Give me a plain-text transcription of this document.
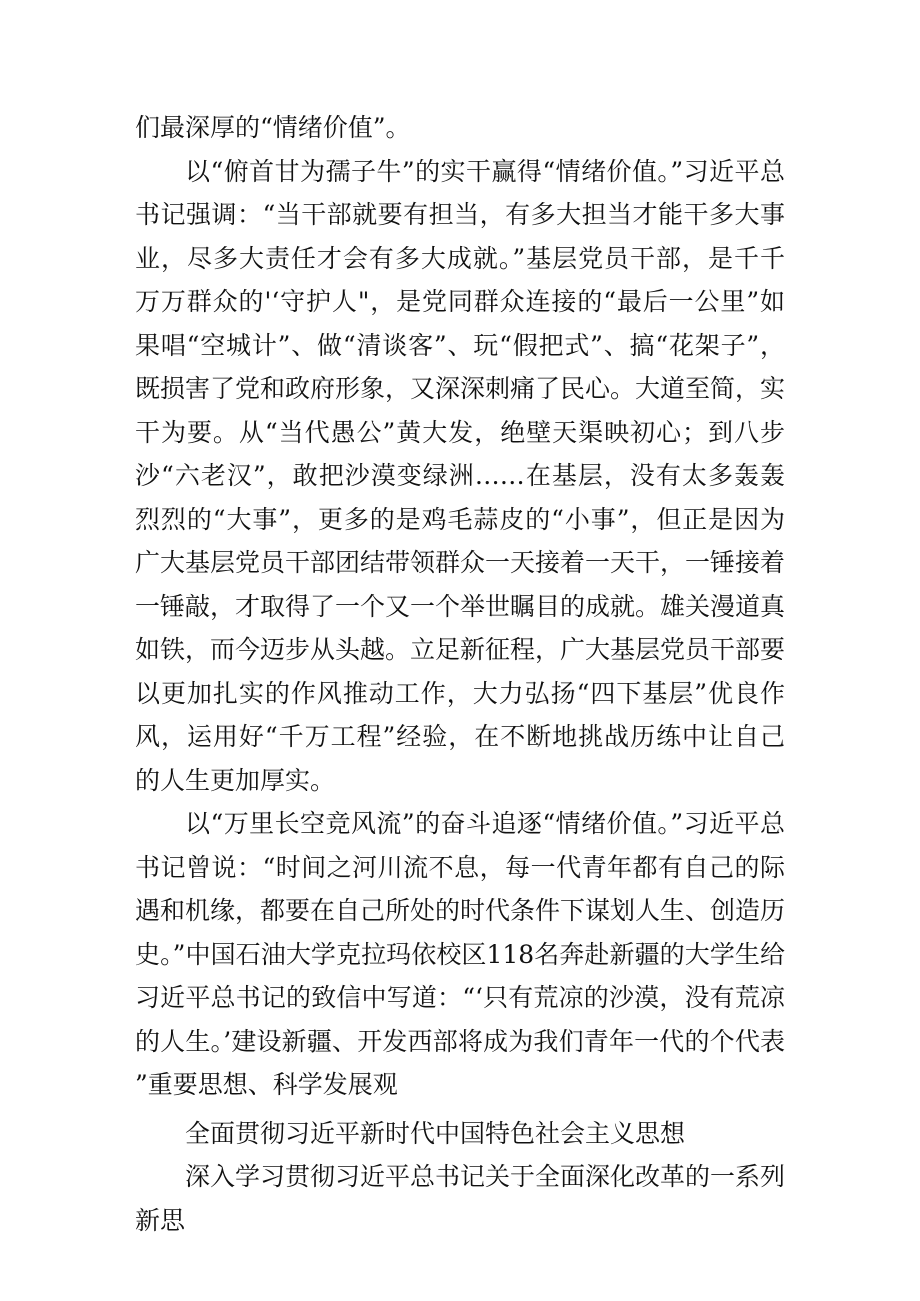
们最深厚的“情绪价值”。

以“俯首甘为孺子牛”的实干赢得“情绪价值。”习近平总书记强调：“当干部就要有担当，有多大担当才能干多大事业，尽多大责任才会有多大成就。”基层党员干部，是千千万万群众的'‘守护人"，是党同群众连接的“最后一公里”如果唱“空城计”、做“清谈客”、玩“假把式”、搞“花架子”，既损害了党和政府形象，又深深刺痛了民心。大道至简，实干为要。从“当代愚公”黄大发，绝壁天渠映初心；到八步沙“六老汉”，敢把沙漠变绿洲……在基层，没有太多轰轰烈烈的“大事”，更多的是鸡毛蒜皮的“小事”，但正是因为广大基层党员干部团结带领群众一天接着一天干，一锤接着一锤敲，才取得了一个又一个举世瞩目的成就。雄关漫道真如铁，而今迈步从头越。立足新征程，广大基层党员干部要以更加扎实的作风推动工作，大力弘扬“四下基层”优良作风，运用好“千万工程”经验，在不断地挑战历练中让自己的人生更加厚实。

以“万里长空竞风流”的奋斗追逐“情绪价值。”习近平总书记曾说：“时间之河川流不息，每一代青年都有自己的际遇和机缘，都要在自己所处的时代条件下谋划人生、创造历史。”中国石油大学克拉玛依校区118名奔赴新疆的大学生给习近平总书记的致信中写道：“‘只有荒凉的沙漠，没有荒凉的人生。’建设新疆、开发西部将成为我们青年一代的个代表”重要思想、科学发展观

全面贯彻习近平新时代中国特色社会主义思想

深入学习贯彻习近平总书记关于全面深化改革的一系列新思
